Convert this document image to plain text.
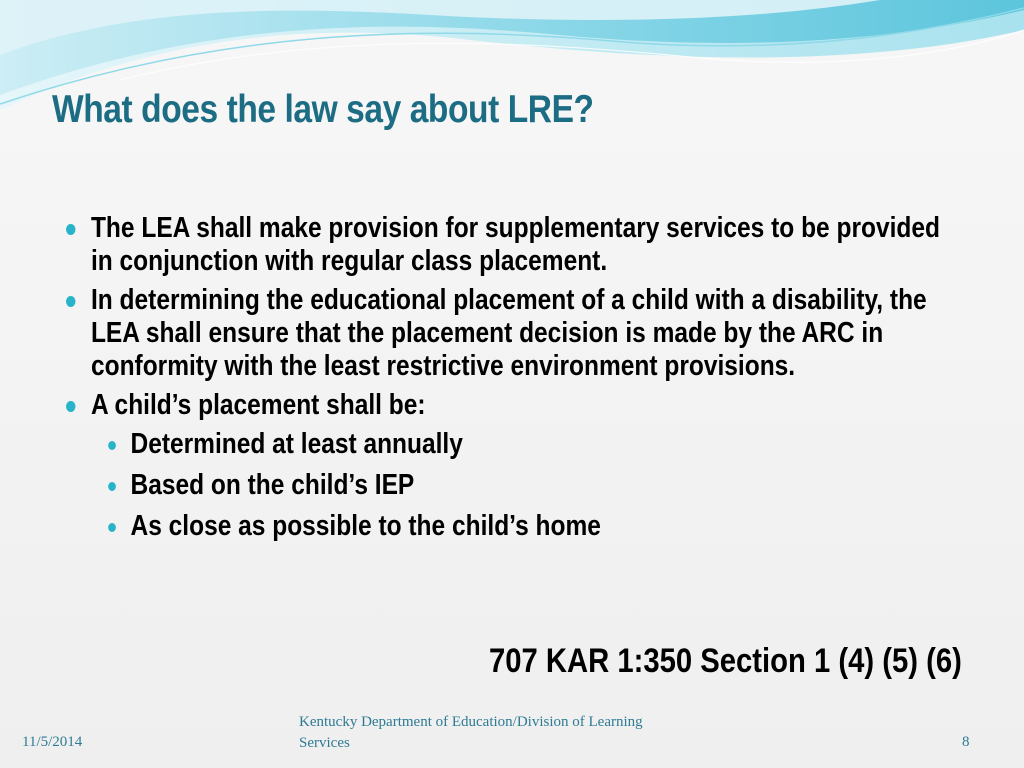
What does the law say about LRE?
The LEA shall make provision for supplementary services to be provided in conjunction with regular class placement.
In determining the educational placement of a child with a disability, the LEA shall ensure that the placement decision is made by the ARC in conformity with the least restrictive environment provisions.
A child’s placement shall be:
Determined at least annually
Based on the child’s IEP
As close as possible to the child’s home

707 KAR 1:350 Section 1 (4) (5) (6)

11/5/2014
Kentucky Department of Education/Division of Learning Services	8
